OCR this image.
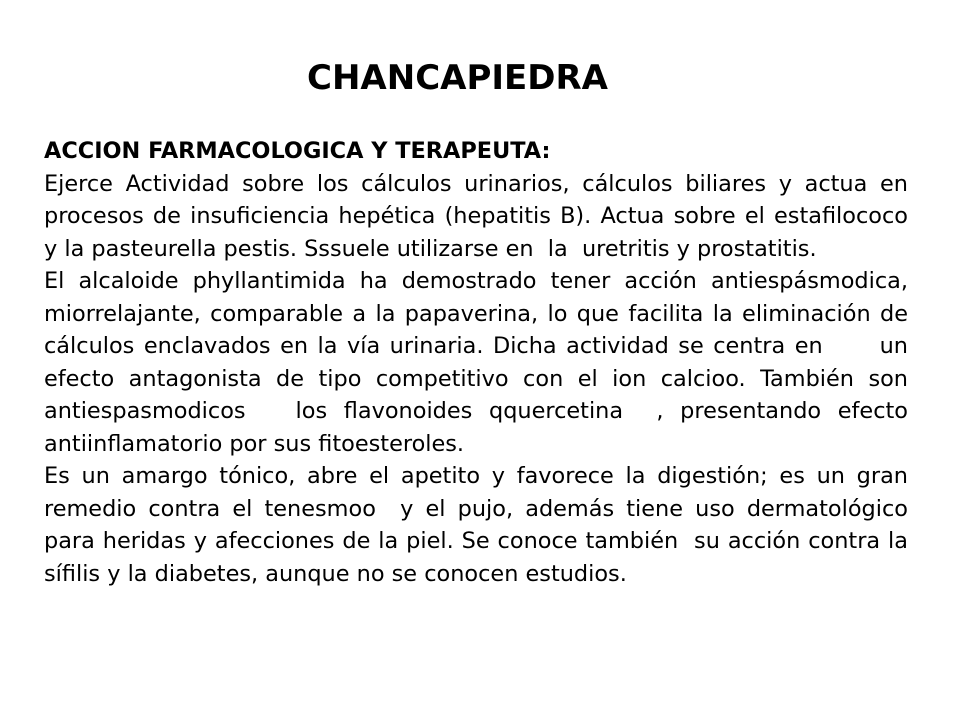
CHANCAPIEDRA

ACCION FARMACOLOGICA Y TERAPEUTA:

Ejerce Actividad sobre los cálculos urinarios, cálculos biliares y actua en procesos de insuficiencia hepética (hepatitis B). Actua sobre el estafilococo y la pasteurella pestis. Sssuele utilizarse en  la  uretritis y prostatitis.

El alcaloide phyllantimida ha demostrado tener acción antiespásmodica, miorrelajante, comparable a la papaverina, lo que facilita la eliminación de cálculos enclavados en la vía urinaria. Dicha actividad se centra en      un efecto antagonista de tipo competitivo con el ion calcioo. También son antiespasmodicos   los flavonoides qquercetina  , presentando efecto antiinflamatorio por sus fitoesteroles.

Es un amargo tónico, abre el apetito y favorece la digestión; es un gran remedio contra el tenesmoo  y el pujo, además tiene uso dermatológico   para heridas y afecciones de la piel. Se conoce también  su acción contra la sífilis y la diabetes, aunque no se conocen estudios.
